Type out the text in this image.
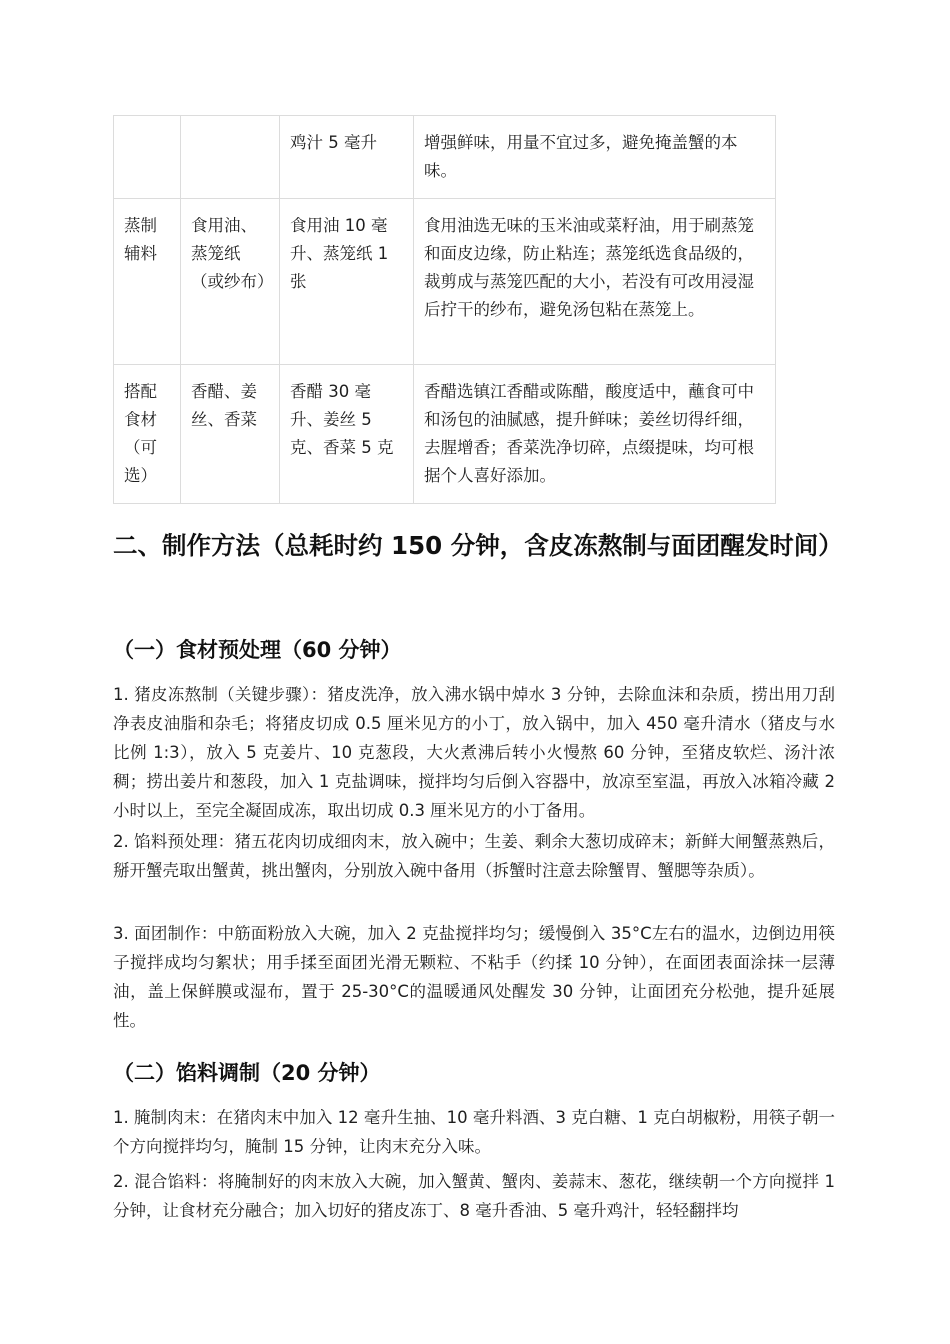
		鸡汁 5 毫升	增强鲜味，用量不宜过多，避免掩盖蟹的本味。
蒸制辅料	食用油、蒸笼纸（或纱布）	食用油 10 毫升、蒸笼纸 1 张	食用油选无味的玉米油或菜籽油，用于刷蒸笼和面皮边缘，防止粘连；蒸笼纸选食品级的，裁剪成与蒸笼匹配的大小，若没有可改用浸湿后拧干的纱布，避免汤包粘在蒸笼上。
搭配食材（可选）	香醋、姜丝、香菜	香醋 30 毫升、姜丝 5 克、香菜 5 克	香醋选镇江香醋或陈醋，酸度适中，蘸食可中和汤包的油腻感，提升鲜味；姜丝切得纤细，去腥增香；香菜洗净切碎，点缀提味，均可根据个人喜好添加。
二、制作方法（总耗时约 150 分钟，含皮冻熬制与面团醒发时间）
（一）食材预处理（60 分钟）

1. 猪皮冻熬制（关键步骤）：猪皮洗净，放入沸水锅中焯水 3 分钟，去除血沫和杂质，捞出用刀刮净表皮油脂和杂毛；将猪皮切成 0.5 厘米见方的小丁，放入锅中，加入 450 毫升清水（猪皮与水比例 1:3），放入 5 克姜片、10 克葱段，大火煮沸后转小火慢熬 60 分钟，至猪皮软烂、汤汁浓稠；捞出姜片和葱段，加入 1 克盐调味，搅拌均匀后倒入容器中，放凉至室温，再放入冰箱冷藏 2 小时以上，至完全凝固成冻，取出切成 0.3 厘米见方的小丁备用。

2. 馅料预处理：猪五花肉切成细肉末，放入碗中；生姜、剩余大葱切成碎末；新鲜大闸蟹蒸熟后，掰开蟹壳取出蟹黄，挑出蟹肉，分别放入碗中备用（拆蟹时注意去除蟹胃、蟹腮等杂质）。

3. 面团制作：中筋面粉放入大碗，加入 2 克盐搅拌均匀；缓慢倒入 35°C左右的温水，边倒边用筷子搅拌成均匀絮状；用手揉至面团光滑无颗粒、不粘手（约揉 10 分钟），在面团表面涂抹一层薄油，盖上保鲜膜或湿布，置于 25-30°C的温暖通风处醒发 30 分钟，让面团充分松弛，提升延展性。

（二）馅料调制（20 分钟）

1. 腌制肉末：在猪肉末中加入 12 毫升生抽、10 毫升料酒、3 克白糖、1 克白胡椒粉，用筷子朝一个方向搅拌均匀，腌制 15 分钟，让肉末充分入味。

2. 混合馅料：将腌制好的肉末放入大碗，加入蟹黄、蟹肉、姜蒜末、葱花，继续朝一个方向搅拌 1 分钟，让食材充分融合；加入切好的猪皮冻丁、8 毫升香油、5 毫升鸡汁，轻轻翻拌均
